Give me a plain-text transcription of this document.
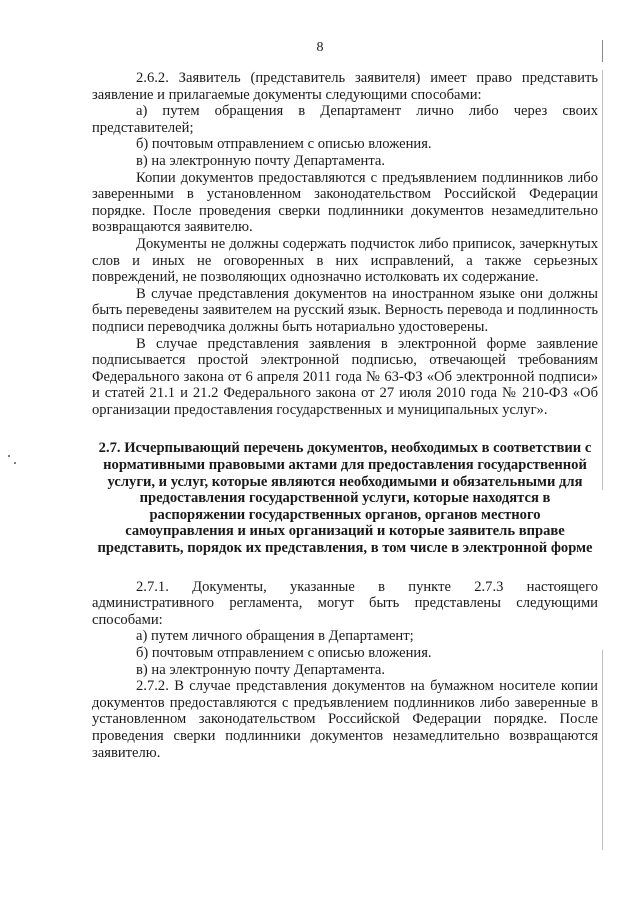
8

2.6.2. Заявитель (представитель заявителя) имеет право представить заявление и прилагаемые документы следующими способами:

а) путем обращения в Департамент лично либо через своих представителей;

б) почтовым отправлением с описью вложения.

в) на электронную почту Департамента.

Копии документов предоставляются с предъявлением подлинников либо заверенными в установленном законодательством Российской Федерации порядке. После проведения сверки подлинники документов незамедлительно возвращаются заявителю.

Документы не должны содержать подчисток либо приписок, зачеркнутых слов и иных не оговоренных в них исправлений, а также серьезных повреждений, не позволяющих однозначно истолковать их содержание.

В случае представления документов на иностранном языке они должны быть переведены заявителем на русский язык. Верность перевода и подлинность подписи переводчика должны быть нотариально удостоверены.

В случае представления заявления в электронной форме заявление подписывается простой электронной подписью, отвечающей требованиям Федерального закона от 6 апреля 2011 года № 63-ФЗ «Об электронной подписи» и статей 21.1 и 21.2 Федерального закона от 27 июля 2010 года № 210-ФЗ «Об организации предоставления государственных и муниципальных услуг».

2.7. Исчерпывающий перечень документов, необходимых в соответствии с нормативными правовыми актами для предоставления государственной услуги, и услуг, которые являются необходимыми и обязательными для предоставления государственной услуги, которые находятся в распоряжении государственных органов, органов местного самоуправления и иных организаций и которые заявитель вправе представить, порядок их представления, в том числе в электронной форме

2.7.1. Документы, указанные в пункте 2.7.3 настоящего административного регламента, могут быть представлены следующими способами:

а) путем личного обращения в Департамент;

б) почтовым отправлением с описью вложения.

в) на электронную почту Департамента.

2.7.2. В случае представления документов на бумажном носителе копии документов предоставляются с предъявлением подлинников либо заверенные в установленном законодательством Российской Федерации порядке. После проведения сверки подлинники документов незамедлительно возвращаются заявителю.
